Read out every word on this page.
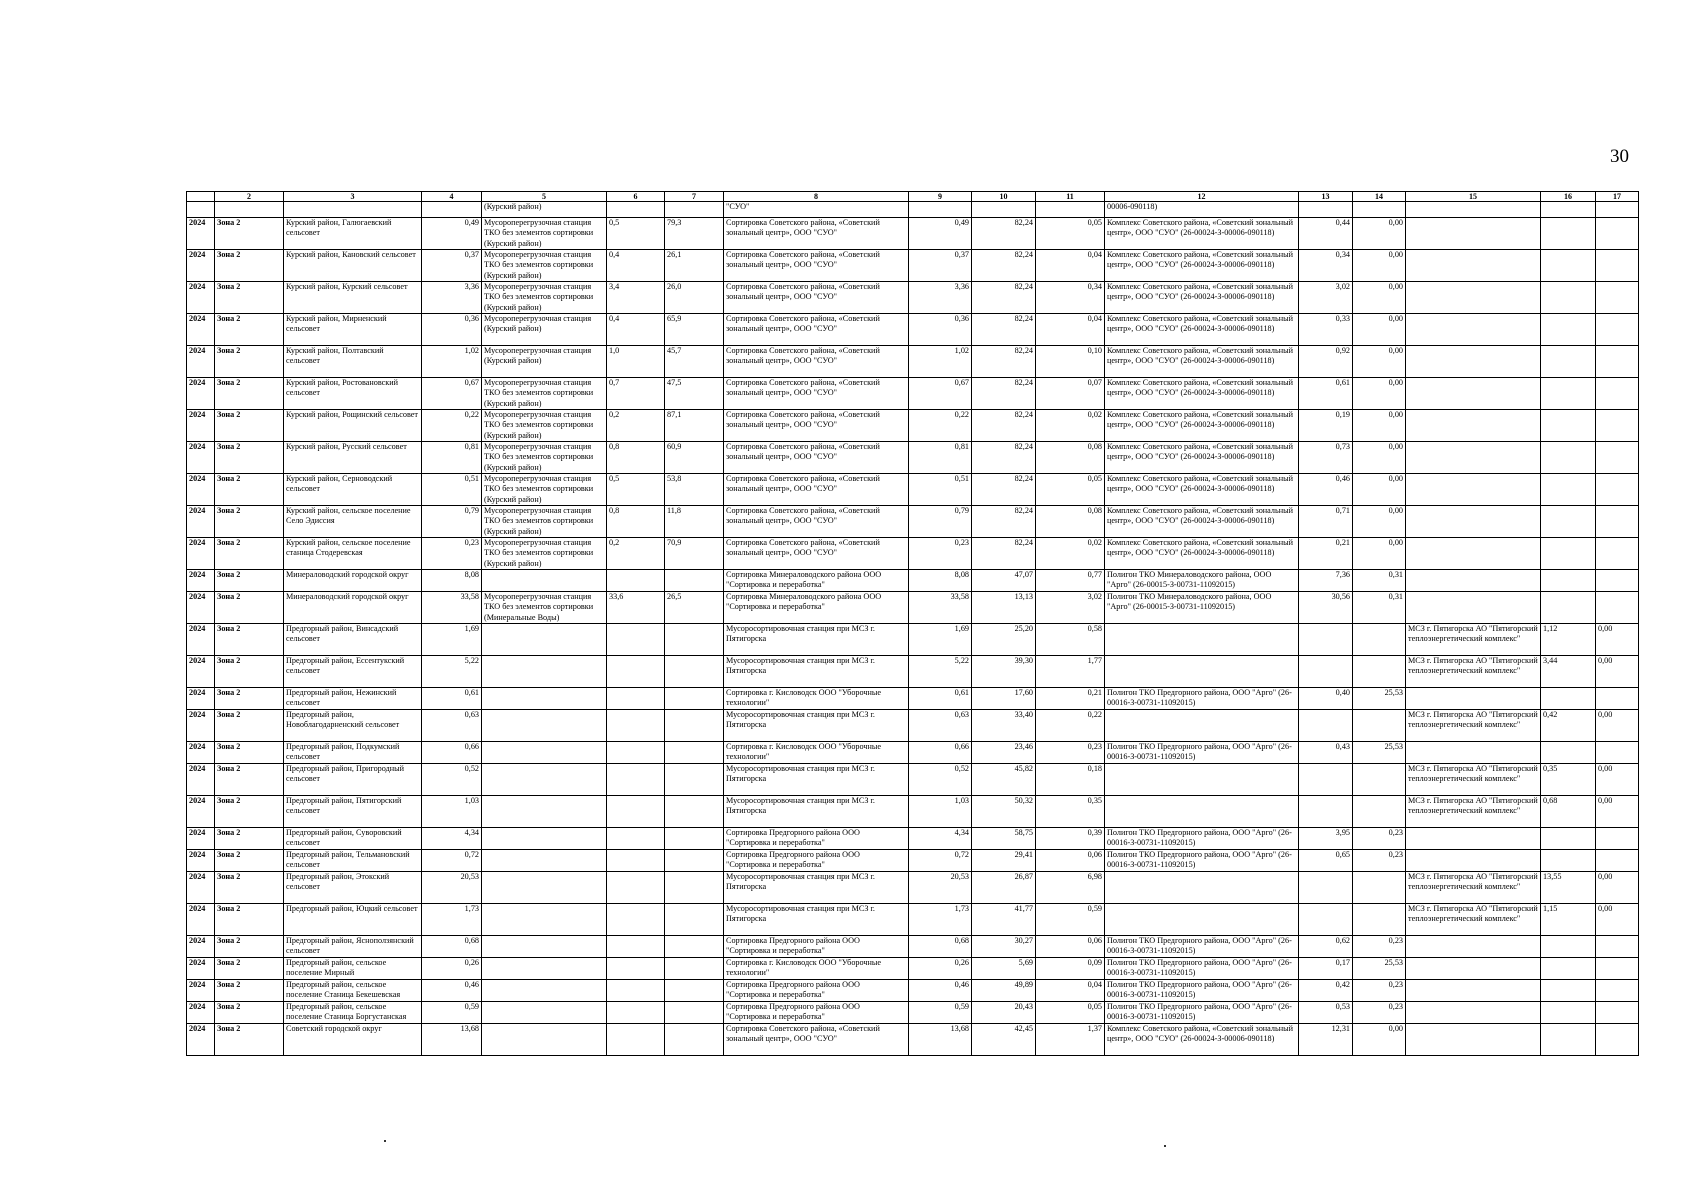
30
	2	3	4	5	6	7	8	9	10	11	12	13	14	15	16	17
				(Курский район)			"СУО"				00006-090118)					
2024	Зона 2	Курский район, Галюгаевский сельсовет	0,49	Мусороперегрузочная станция ТКО без элементов сортировки (Курский район)	0,5	79,3	Сортировка Советского района, «Советский зональный центр», ООО "СУО"	0,49	82,24	0,05	Комплекс Советского района, «Советский зональный центр», ООО "СУО" (26-00024-З-00006-090118)	0,44	0,00			
2024	Зона 2	Курский район, Кановский сельсовет	0,37	Мусороперегрузочная станция ТКО без элементов сортировки (Курский район)	0,4	26,1	Сортировка Советского района, «Советский зональный центр», ООО "СУО"	0,37	82,24	0,04	Комплекс Советского района, «Советский зональный центр», ООО "СУО" (26-00024-З-00006-090118)	0,34	0,00			
2024	Зона 2	Курский район, Курский сельсовет	3,36	Мусороперегрузочная станция ТКО без элементов сортировки (Курский район)	3,4	26,0	Сортировка Советского района, «Советский зональный центр», ООО "СУО"	3,36	82,24	0,34	Комплекс Советского района, «Советский зональный центр», ООО "СУО" (26-00024-З-00006-090118)	3,02	0,00			
2024	Зона 2	Курский район, Мирненский сельсовет	0,36	Мусороперегрузочная станция (Курский район)	0,4	65,9	Сортировка Советского района, «Советский зональный центр», ООО "СУО"	0,36	82,24	0,04	Комплекс Советского района, «Советский зональный центр», ООО "СУО" (26-00024-З-00006-090118)	0,33	0,00			
2024	Зона 2	Курский район, Полтавский сельсовет	1,02	Мусороперегрузочная станция (Курский район)	1,0	45,7	Сортировка Советского района, «Советский зональный центр», ООО "СУО"	1,02	82,24	0,10	Комплекс Советского района, «Советский зональный центр», ООО "СУО" (26-00024-З-00006-090118)	0,92	0,00			
2024	Зона 2	Курский район, Ростовановский сельсовет	0,67	Мусороперегрузочная станция ТКО без элементов сортировки (Курский район)	0,7	47,5	Сортировка Советского района, «Советский зональный центр», ООО "СУО"	0,67	82,24	0,07	Комплекс Советского района, «Советский зональный центр», ООО "СУО" (26-00024-З-00006-090118)	0,61	0,00			
2024	Зона 2	Курский район, Рощинский сельсовет	0,22	Мусороперегрузочная станция ТКО без элементов сортировки (Курский район)	0,2	87,1	Сортировка Советского района, «Советский зональный центр», ООО "СУО"	0,22	82,24	0,02	Комплекс Советского района, «Советский зональный центр», ООО "СУО" (26-00024-З-00006-090118)	0,19	0,00			
2024	Зона 2	Курский район, Русский сельсовет	0,81	Мусороперегрузочная станция ТКО без элементов сортировки (Курский район)	0,8	60,9	Сортировка Советского района, «Советский зональный центр», ООО "СУО"	0,81	82,24	0,08	Комплекс Советского района, «Советский зональный центр», ООО "СУО" (26-00024-З-00006-090118)	0,73	0,00			
2024	Зона 2	Курский район, Серноводский сельсовет	0,51	Мусороперегрузочная станция ТКО без элементов сортировки (Курский район)	0,5	53,8	Сортировка Советского района, «Советский зональный центр», ООО "СУО"	0,51	82,24	0,05	Комплекс Советского района, «Советский зональный центр», ООО "СУО" (26-00024-З-00006-090118)	0,46	0,00			
2024	Зона 2	Курский район, сельское поселение Село Эдиссия	0,79	Мусороперегрузочная станция ТКО без элементов сортировки (Курский район)	0,8	11,8	Сортировка Советского района, «Советский зональный центр», ООО "СУО"	0,79	82,24	0,08	Комплекс Советского района, «Советский зональный центр», ООО "СУО" (26-00024-З-00006-090118)	0,71	0,00			
2024	Зона 2	Курский район, сельское поселение станица Стодеревская	0,23	Мусороперегрузочная станция ТКО без элементов сортировки (Курский район)	0,2	70,9	Сортировка Советского района, «Советский зональный центр», ООО "СУО"	0,23	82,24	0,02	Комплекс Советского района, «Советский зональный центр», ООО "СУО" (26-00024-З-00006-090118)	0,21	0,00			
2024	Зона 2	Минераловодский городской округ	8,08				Сортировка Минераловодского района ООО "Сортировка и переработка"	8,08	47,07	0,77	Полигон ТКО Минераловодского района, ООО "Арго" (26-00015-З-00731-11092015)	7,36	0,31			
2024	Зона 2	Минераловодский городской округ	33,58	Мусороперегрузочная станция ТКО без элементов сортировки (Минеральные Воды)	33,6	26,5	Сортировка Минераловодского района ООО "Сортировка и переработка"	33,58	13,13	3,02	Полигон ТКО Минераловодского района, ООО "Арго" (26-00015-З-00731-11092015)	30,56	0,31			
2024	Зона 2	Предгорный район, Винсадский сельсовет	1,69				Мусоросортировочная станция при МСЗ г. Пятигорска	1,69	25,20	0,58				МСЗ г. Пятигорска АО "Пятигорский теплоэнергетический комплекс"	1,12	0,00
2024	Зона 2	Предгорный район, Ессентукский сельсовет	5,22				Мусоросортировочная станция при МСЗ г. Пятигорска	5,22	39,30	1,77				МСЗ г. Пятигорска АО "Пятигорский теплоэнергетический комплекс"	3,44	0,00
2024	Зона 2	Предгорный район, Нежинский сельсовет	0,61				Сортировка г. Кисловодск ООО "Уборочные технологии"	0,61	17,60	0,21	Полигон ТКО Предгорного района, ООО "Арго" (26-00016-З-00731-11092015)	0,40	25,53			
2024	Зона 2	Предгорный район, Новоблагодарненский сельсовет	0,63				Мусоросортировочная станция при МСЗ г. Пятигорска	0,63	33,40	0,22				МСЗ г. Пятигорска АО "Пятигорский теплоэнергетический комплекс"	0,42	0,00
2024	Зона 2	Предгорный район, Подкумский сельсовет	0,66				Сортировка г. Кисловодск ООО "Уборочные технологии"	0,66	23,46	0,23	Полигон ТКО Предгорного района, ООО "Арго" (26-00016-З-00731-11092015)	0,43	25,53			
2024	Зона 2	Предгорный район, Пригородный сельсовет	0,52				Мусоросортировочная станция при МСЗ г. Пятигорска	0,52	45,82	0,18				МСЗ г. Пятигорска АО "Пятигорский теплоэнергетический комплекс"	0,35	0,00
2024	Зона 2	Предгорный район, Пятигорский сельсовет	1,03				Мусоросортировочная станция при МСЗ г. Пятигорска	1,03	50,32	0,35				МСЗ г. Пятигорска АО "Пятигорский теплоэнергетический комплекс"	0,68	0,00
2024	Зона 2	Предгорный район, Суворовский сельсовет	4,34				Сортировка Предгорного района ООО "Сортировка и переработка"	4,34	58,75	0,39	Полигон ТКО Предгорного района, ООО "Арго" (26-00016-З-00731-11092015)	3,95	0,23			
2024	Зона 2	Предгорный район, Тельмановский сельсовет	0,72				Сортировка Предгорного района ООО "Сортировка и переработка"	0,72	29,41	0,06	Полигон ТКО Предгорного района, ООО "Арго" (26-00016-З-00731-11092015)	0,65	0,23			
2024	Зона 2	Предгорный район, Этокский сельсовет	20,53				Мусоросортировочная станция при МСЗ г. Пятигорска	20,53	26,87	6,98				МСЗ г. Пятигорска АО "Пятигорский теплоэнергетический комплекс"	13,55	0,00
2024	Зона 2	Предгорный район, Юцкий сельсовет	1,73				Мусоросортировочная станция при МСЗ г. Пятигорска	1,73	41,77	0,59				МСЗ г. Пятигорска АО "Пятигорский теплоэнергетический комплекс"	1,15	0,00
2024	Зона 2	Предгорный район, Ясноползянский сельсовет	0,68				Сортировка Предгорного района ООО "Сортировка и переработка"	0,68	30,27	0,06	Полигон ТКО Предгорного района, ООО "Арго" (26-00016-З-00731-11092015)	0,62	0,23			
2024	Зона 2	Предгорный район, сельское поселение Мирный	0,26				Сортировка г. Кисловодск ООО "Уборочные технологии"	0,26	5,69	0,09	Полигон ТКО Предгорного района, ООО "Арго" (26-00016-З-00731-11092015)	0,17	25,53			
2024	Зона 2	Предгорный район, сельское поселение Станица Бекешевская	0,46				Сортировка Предгорного района ООО "Сортировка и переработка"	0,46	49,89	0,04	Полигон ТКО Предгорного района, ООО "Арго" (26-00016-З-00731-11092015)	0,42	0,23			
2024	Зона 2	Предгорный район, сельское поселение Станица Боргустанская	0,59				Сортировка Предгорного района ООО "Сортировка и переработка"	0,59	20,43	0,05	Полигон ТКО Предгорного района, ООО "Арго" (26-00016-З-00731-11092015)	0,53	0,23			
2024	Зона 2	Советский городской округ	13,68				Сортировка Советского района, «Советский зональный центр», ООО "СУО"	13,68	42,45	1,37	Комплекс Советского района, «Советский зональный центр», ООО "СУО" (26-00024-З-00006-090118)	12,31	0,00			
